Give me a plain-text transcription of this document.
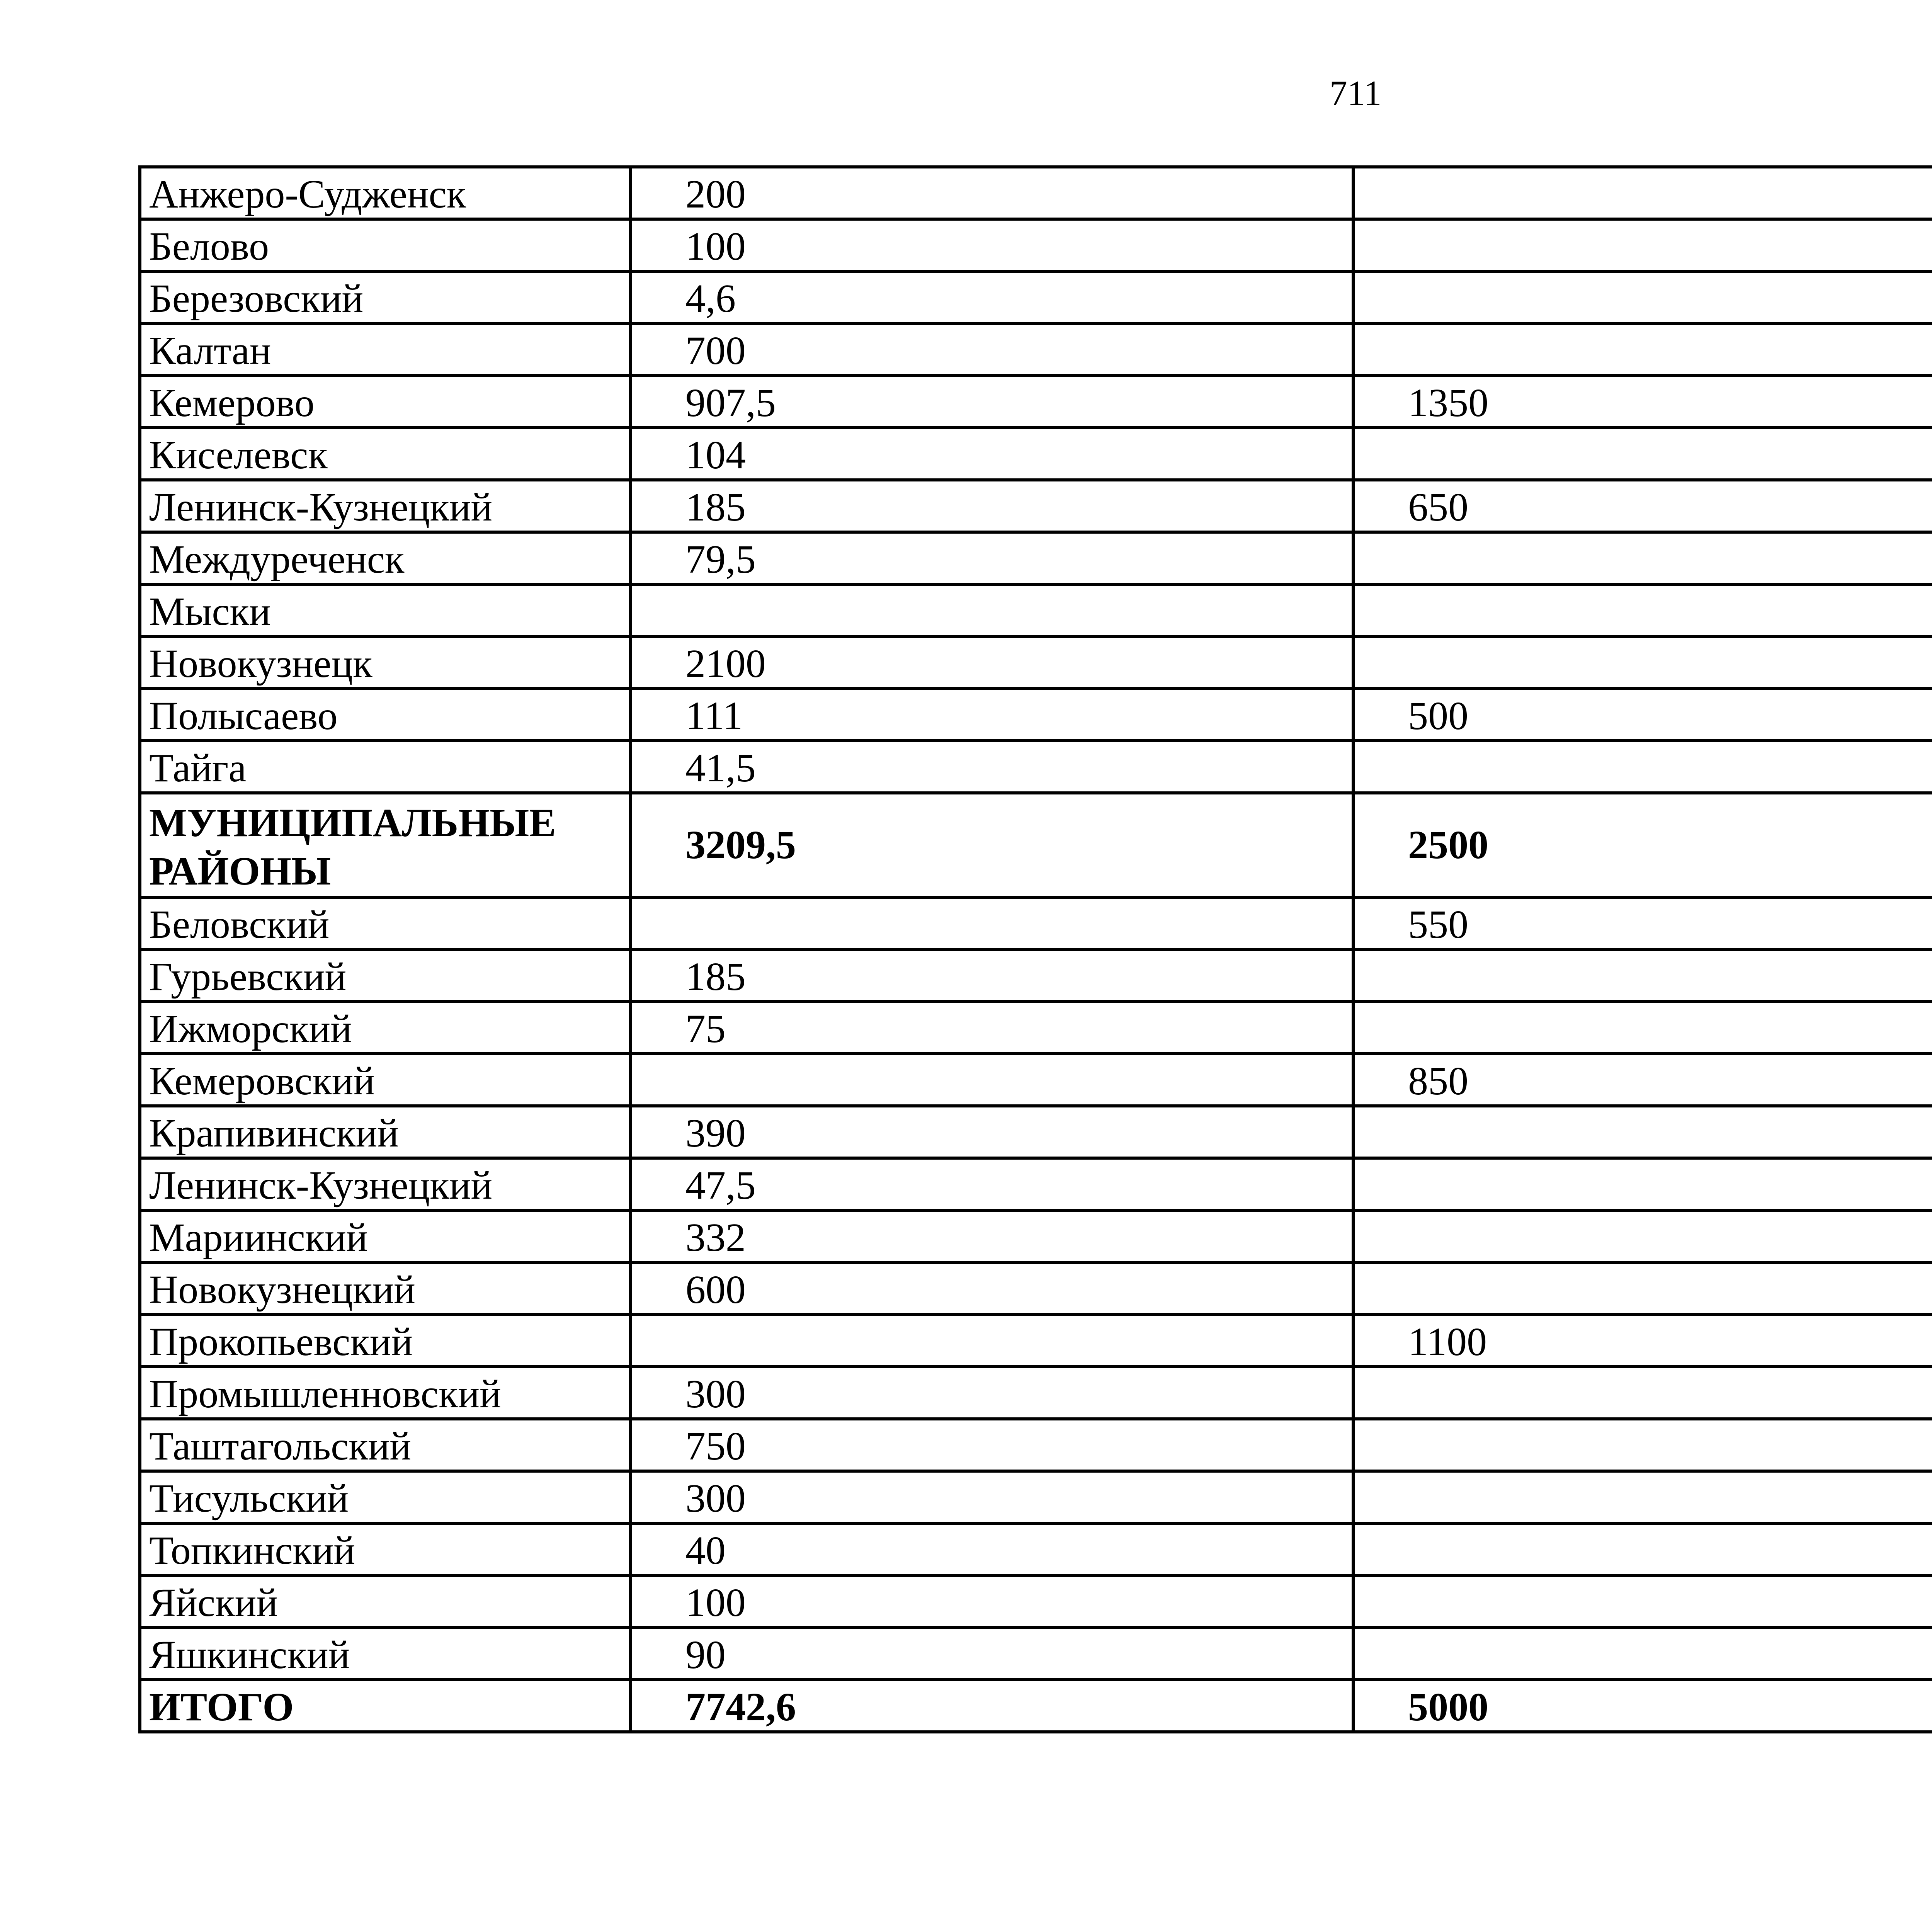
711
Анжеро-Судженск	200		
Белово	100		
Березовский	4,6		
Калтан	700		
Кемерово	907,5	1350	
Киселевск	104		
Ленинск-Кузнецкий	185	650	
Междуреченск	79,5		
Мыски			
Новокузнецк	2100		
Полысаево	111	500	
Тайга	41,5		
МУНИЦИПАЛЬНЫЕ РАЙОНЫ	3209,5	2500	
Беловский		550	
Гурьевский	185		
Ижморский	75		
Кемеровский		850	
Крапивинский	390		
Ленинск-Кузнецкий	47,5		
Мариинский	332		
Новокузнецкий	600		
Прокопьевский		1100	
Промышленновский	300		
Таштагольский	750		
Тисульский	300		
Топкинский	40		
Яйский	100		
Яшкинский	90		
ИТОГО	7742,6	5000	
